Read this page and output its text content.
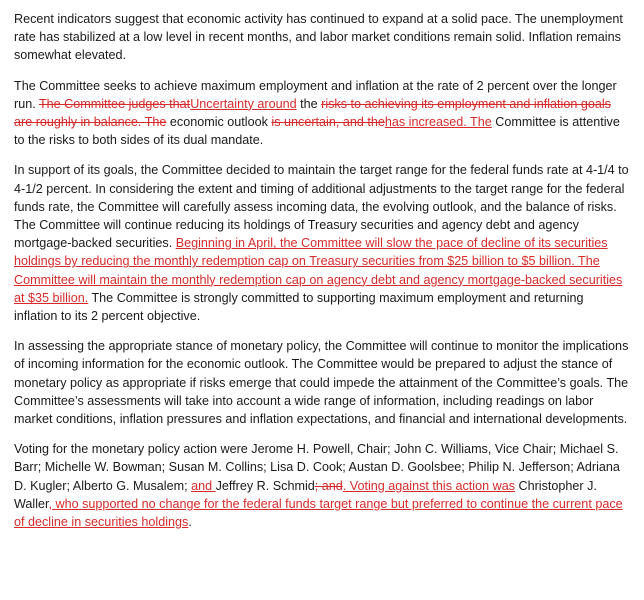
Recent indicators suggest that economic activity has continued to expand at a solid pace. The unemployment rate has stabilized at a low level in recent months, and labor market conditions remain solid. Inflation remains somewhat elevated.

The Committee seeks to achieve maximum employment and inflation at the rate of 2 percent over the longer run. The Committee judges thatUncertainty around the risks to achieving its employment and inflation goals are roughly in balance. The economic outlook is uncertain, and thehas increased. The Committee is attentive to the risks to both sides of its dual mandate.

In support of its goals, the Committee decided to maintain the target range for the federal funds rate at 4-1/4 to 4-1/2 percent. In considering the extent and timing of additional adjustments to the target range for the federal funds rate, the Committee will carefully assess incoming data, the evolving outlook, and the balance of risks. The Committee will continue reducing its holdings of Treasury securities and agency debt and agency mortgage-backed securities. Beginning in April, the Committee will slow the pace of decline of its securities holdings by reducing the monthly redemption cap on Treasury securities from $25 billion to $5 billion. The Committee will maintain the monthly redemption cap on agency debt and agency mortgage-backed securities at $35 billion. The Committee is strongly committed to supporting maximum employment and returning inflation to its 2 percent objective.

In assessing the appropriate stance of monetary policy, the Committee will continue to monitor the implications of incoming information for the economic outlook. The Committee would be prepared to adjust the stance of monetary policy as appropriate if risks emerge that could impede the attainment of the Committee’s goals. The Committee’s assessments will take into account a wide range of information, including readings on labor market conditions, inflation pressures and inflation expectations, and financial and international developments.

Voting for the monetary policy action were Jerome H. Powell, Chair; John C. Williams, Vice Chair; Michael S. Barr; Michelle W. Bowman; Susan M. Collins; Lisa D. Cook; Austan D. Goolsbee; Philip N. Jefferson; Adriana D. Kugler; Alberto G. Musalem; and Jeffrey R. Schmid; and. Voting against this action was Christopher J. Waller, who supported no change for the federal funds target range but preferred to continue the current pace of decline in securities holdings.
